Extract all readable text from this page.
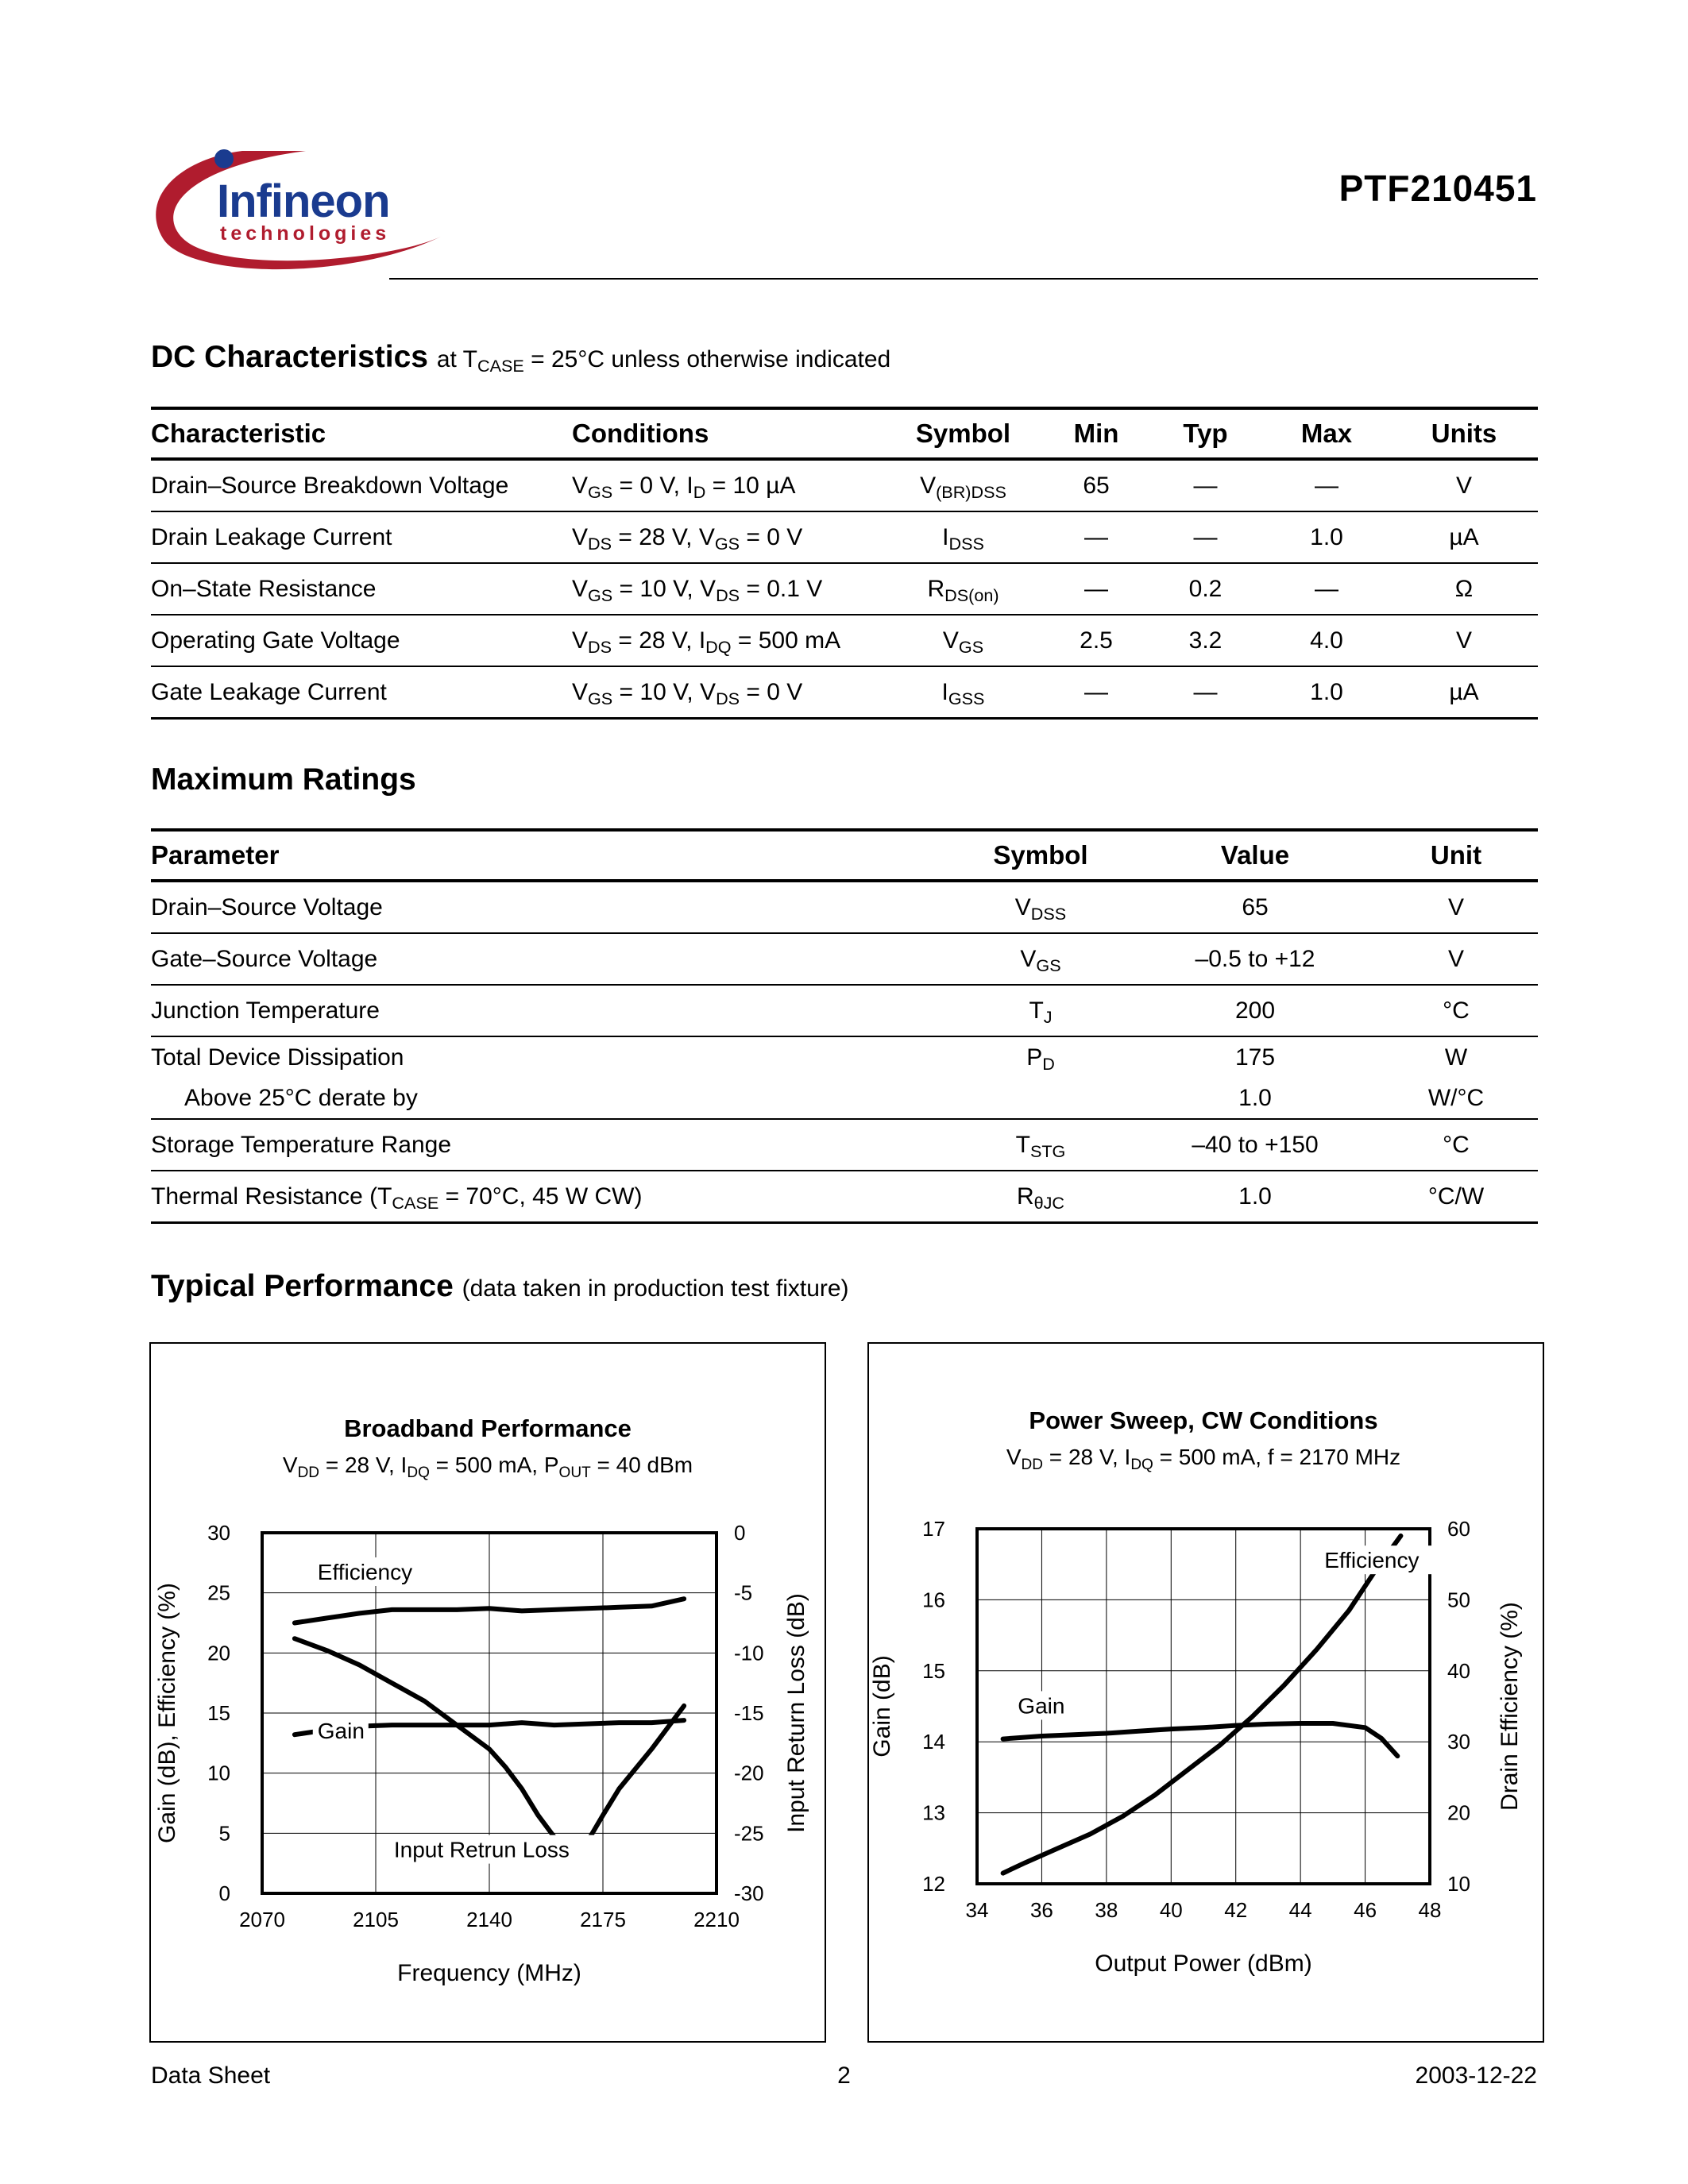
Infineon
technologies
PTF210451
DC Characteristics at $T_{CASE} = 25^\circ C$ unless otherwise indicated
Characteristic	Conditions	Symbol	Min	Typ	Max	Units
Drain–Source Breakdown Voltage	$V_{GS} = 0$ V, $I_D = 10$ µA	$V_{(BR)DSS}$	65	—	—	V
Drain Leakage Current	$V_{DS} = 28$ V, $V_{GS} = 0$ V	$I_{DSS}$	—	—	1.0	µA
On–State Resistance	$V_{GS} = 10$ V, $V_{DS} = 0.1$ V	$R_{DS(on)}$	—	0.2	—	Ω
Operating Gate Voltage	$V_{DS} = 28$ V, $I_{DQ} = 500$ mA	$V_{GS}$	2.5	3.2	4.0	V
Gate Leakage Current	$V_{GS} = 10$ V, $V_{DS} = 0$ V	$I_{GSS}$	—	—	1.0	µA
Maximum Ratings
Parameter	Symbol	Value	Unit
Drain–Source Voltage	$V_{DSS}$	65	V
Gate–Source Voltage	$V_{GS}$	–0.5 to +12	V
Junction Temperature	$T_J$	200	°C
Total Device Dissipation	$P_D$	175	W
Above 25°C derate by		1.0	W/°C
Storage Temperature Range	$T_{STG}$	–40 to +150	°C
Thermal Resistance ($T_{CASE} = 70^\circ C$, 45 W CW)	$R_{\theta JC}$	1.0	°C/W
Typical Performance (data taken in production test fixture)
Broadband Performance
$V_{DD} = 28$ V, $I_{DQ} = 500$ mA, $P_{OUT} = 40$ dBm
2070	2105	2140	2175	2210
0	-30
5	-25
10	-20
15	-15
20	-10
25	-5
30	0
Frequency (MHz)
Gain (dB), Efficiency (%)	Input Return Loss (dB)
Efficiency
Gain
Input Retrun Loss
Power Sweep, CW Conditions
$V_{DD} = 28$ V, $I_{DQ} = 500$ mA, f = 2170 MHz
34 36 38 40 42 44 46 48
12	10
13	20
14	30
15	40
16	50
17	60
Output Power (dBm)
Gain (dB)	Drain Efficiency (%)
Efficiency
Gain
Data Sheet	2	2003-12-22
